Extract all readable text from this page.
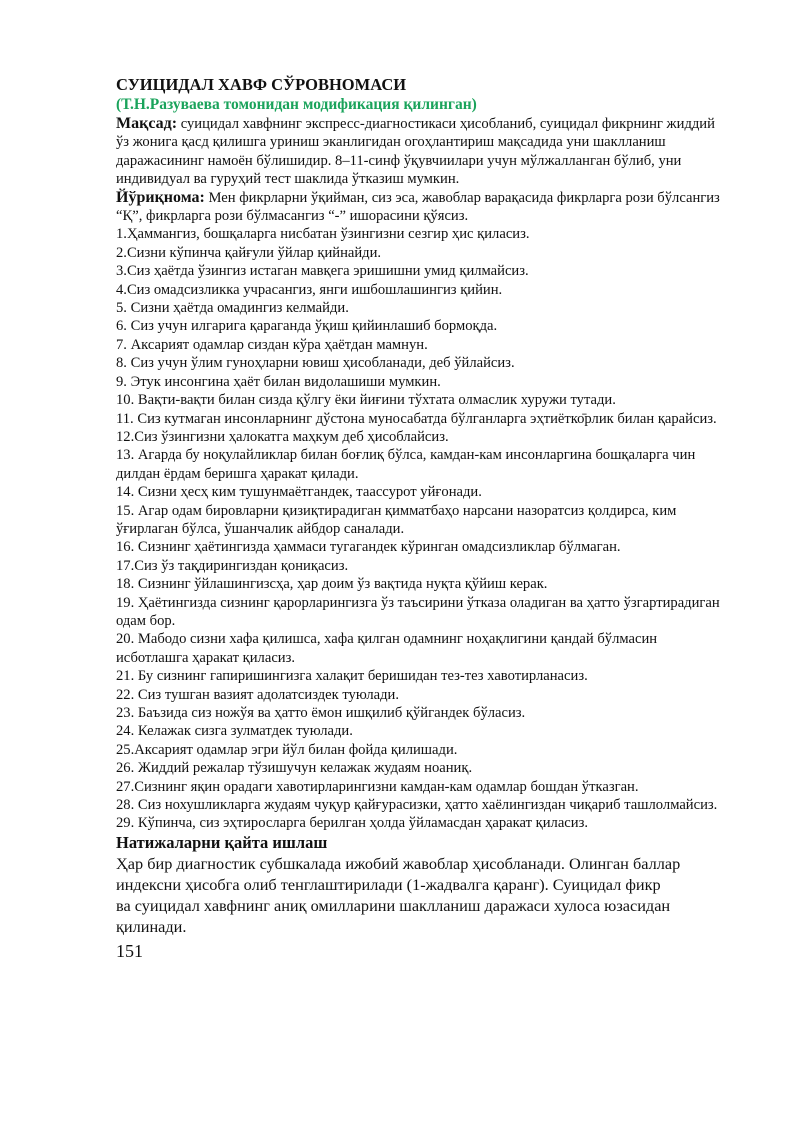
СУИЦИДАЛ ХАВФ СЎРОВНОМАСИ

(Т.Н.Разуваева томонидан модификация қилинган)

Мақсад: суицидал хавфнинг экспресс-диагностикаси ҳисобланиб, суицидал фикрнинг жиддий ўз жонига қасд қилишга уриниш эканлигидан огоҳлантириш мақсадида уни шаклланиш даражасининг намоён бўлишидир. 8–11-синф ўқувчиилари учун мўлжалланган бўлиб, уни индивидуал ва гуруҳий тест шаклида ўтказиш мумкин.

Йўриқнома: Мен фикрларни ўқийман, сиз эса, жавоблар варақасида фикрларга рози бўлсангиз “Қ”, фикрларга рози бўлмасангиз “-” ишорасини қўясиз.

1.Ҳаммангиз, бошқаларга нисбатан ўзингизни сезгир ҳис қиласиз.

2.Сизни кўпинча қайғули ўйлар қийнайди.

3.Сиз ҳаётда ўзингиз истаган мавқега эришишни умид қилмайсиз.

4.Сиз омадсизликка учрасангиз, янги ишбошлашингиз қийин.

5. Сизни ҳаётда омадингиз келмайди.

6. Сиз учун илгарига қараганда ўқиш қийинлашиб бормоқда.

7. Аксарият одамлар сиздан кўра ҳаётдан мамнун.

8. Сиз учун ўлим гуноҳларни ювиш ҳисобланади, деб ўйлайсиз.

9. Этук инсонгина ҳаёт билан видолашиши мумкин.

10. Вақти-вақти билан сизда қўлгу ёки йиғини тўхтата олмаслик хуружи тутади.

11. Сиз кутмаган инсонларнинг дўстона муносабатда бўлганларга эҳтиётко̄рлик билан қарайсиз.

12.Сиз ўзингизни ҳалокатга маҳкум деб ҳисоблайсиз.

13. Агарда бу ноқулайликлар билан боғлиқ бўлса, камдан-кам инсонларгина бошқаларга чин дилдан ёрдам беришга ҳаракат қилади.

14. Сизни ҳеcҳ ким тушунмаётгандек, таассурот уйғонади.

15. Агар одам бировларни қизиқтирадиган қимматбаҳо нарсани назоратсиз қолдирса, ким ўғирлаган бўлса, ўшанчалик айбдор саналади.

16. Сизнинг ҳаётингизда ҳаммаси тугагандек кўринган омадсизликлар бўлмаган.

17.Сиз ўз тақдирингиздан қониқасиз.

18. Сизнинг ўйлашингизсҳа, ҳар доим ўз вақтида нуқта қўйиш керак.

19. Ҳаётингизда сизнинг қарорларингизга ўз таъсирини ўтказа оладиган ва ҳатто ўзгартирадиган одам бор.

20. Мабодо сизни хафа қилишса, хафа қилган одамнинг ноҳақлигини қандай бўлмасин исботлашга ҳаракат қиласиз.

21. Бу сизнинг гапиришингизга халақит беришидан тез-тез хавотирланасиз.

22. Сиз тушган вазият адолатсиздек туюлади.

23. Баъзида сиз ножўя ва ҳатто ёмон ишқилиб қўйгандек бўласиз.

24. Келажак сизга зулматдек туюлади.

25.Аксарият одамлар эгри йўл билан фойда қилишади.

26. Жиддий режалар тўзишучун келажак жудаям ноаниқ.

27.Сизнинг яқин орадаги хавотирларингизни камдан-кам одамлар бошдан ўтказган.

28. Сиз нохушликларга жудаям чуқур қайғурасизки, ҳатто хаёлингиздан чиқариб ташлолмайсиз.

29. Кўпинча, сиз эҳтиросларга берилган ҳолда ўйламасдан ҳаракат қиласиз.

Натижаларни қайта ишлаш

Ҳар бир диагностик субшкалада ижобий жавоблар ҳисобланади. Олинган баллар индексни ҳисобга олиб тенглаштирилади (1-жадвалга қаранг). Суицидал фикр

ва суицидал хавфнинг аниқ омилларини шаклланиш даражаси хулоса юзасидан қилинади.

151
